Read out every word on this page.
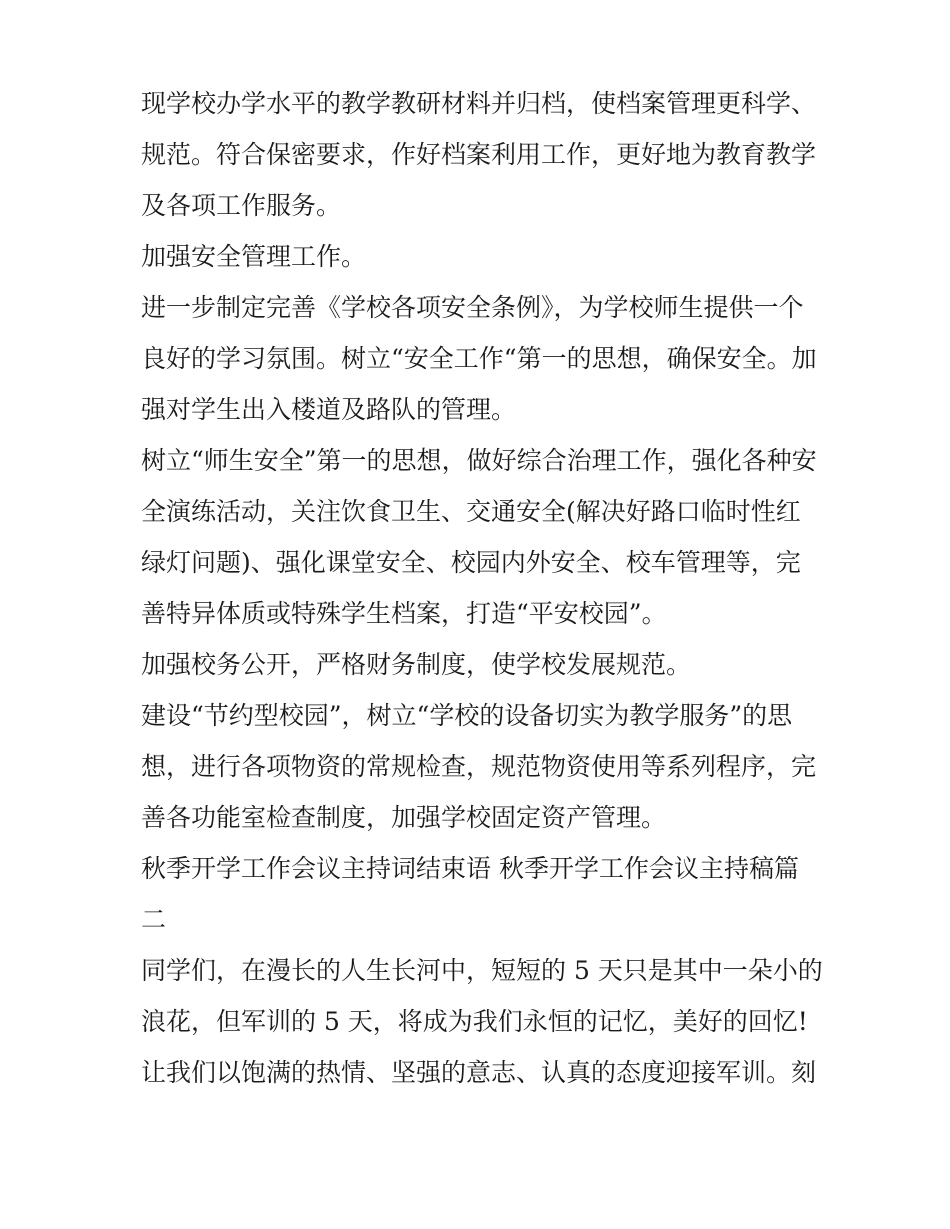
现学校办学水平的教学教研材料并归档，使档案管理更科学、

规范。符合保密要求，作好档案利用工作，更好地为教育教学

及各项工作服务。

加强安全管理工作。

进一步制定完善《学校各项安全条例》，为学校师生提供一个

良好的学习氛围。树立“安全工作“第一的思想，确保安全。加

强对学生出入楼道及路队的管理。

树立“师生安全”第一的思想，做好综合治理工作，强化各种安

全演练活动，关注饮食卫生、交通安全(解决好路口临时性红

绿灯问题)、强化课堂安全、校园内外安全、校车管理等，完

善特异体质或特殊学生档案，打造“平安校园”。

加强校务公开，严格财务制度，使学校发展规范。

建设“节约型校园”，树立“学校的设备切实为教学服务”的思

想，进行各项物资的常规检查，规范物资使用等系列程序，完

善各功能室检查制度，加强学校固定资产管理。

秋季开学工作会议主持词结束语 秋季开学工作会议主持稿篇

二

同学们，在漫长的人生长河中，短短的 5 天只是其中一朵小的

浪花，但军训的 5 天，将成为我们永恒的记忆，美好的回忆!

让我们以饱满的热情、坚强的意志、认真的态度迎接军训。刻
